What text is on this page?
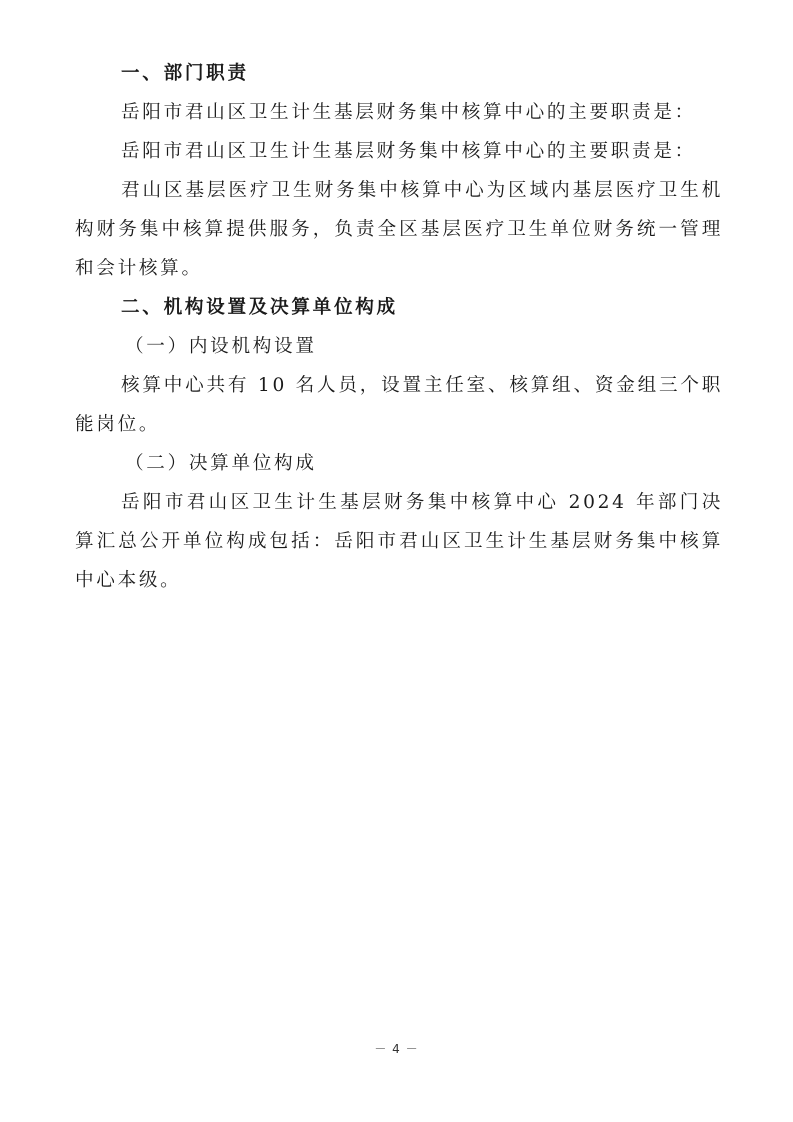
一、部门职责

岳阳市君山区卫生计生基层财务集中核算中心的主要职责是：

岳阳市君山区卫生计生基层财务集中核算中心的主要职责是：

君山区基层医疗卫生财务集中核算中心为区域内基层医疗卫生机构财务集中核算提供服务，负责全区基层医疗卫生单位财务统一管理和会计核算。

二、机构设置及决算单位构成

（一）内设机构设置

核算中心共有 10 名人员，设置主任室、核算组、资金组三个职能岗位。

（二）决算单位构成

岳阳市君山区卫生计生基层财务集中核算中心 2024 年部门决算汇总公开单位构成包括：岳阳市君山区卫生计生基层财务集中核算中心本级。

－ 4 －
